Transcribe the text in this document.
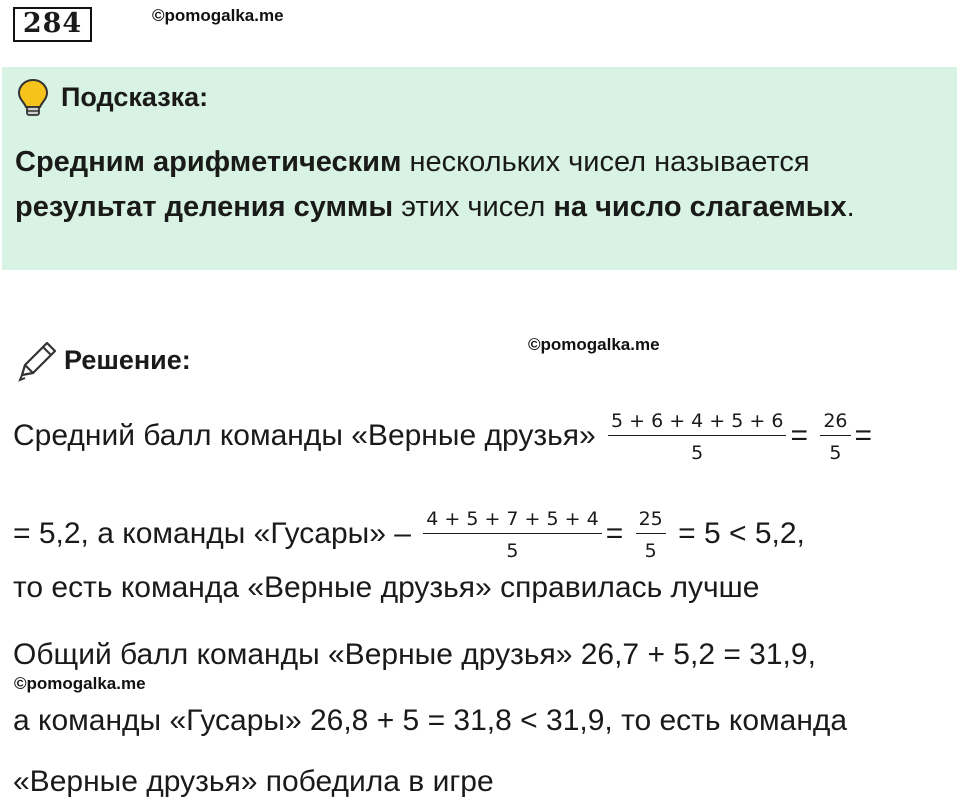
284	©pomogalka.me
Подсказка:
Средним арифметическим нескольких чисел называется
результат деления суммы этих чисел на число слагаемых.
Решение:
©pomogalka.me
Средний балл команды «Верные друзья» $\frac{5 + 6 + 4 + 5 + 6}{5} = \frac{26}{5}$ =
= 5,2, а команды «Гусары» – $\frac{4 + 5 + 7 + 5 + 4}{5} = \frac{25}{5} = 5 < 5,2$,
то есть команда «Верные друзья» справилась лучше
Общий балл команды «Верные друзья» 26,7 + 5,2 = 31,9,
©pomogalka.me
а команды «Гусары» 26,8 + 5 = 31,8 < 31,9, то есть команда
«Верные друзья» победила в игре
